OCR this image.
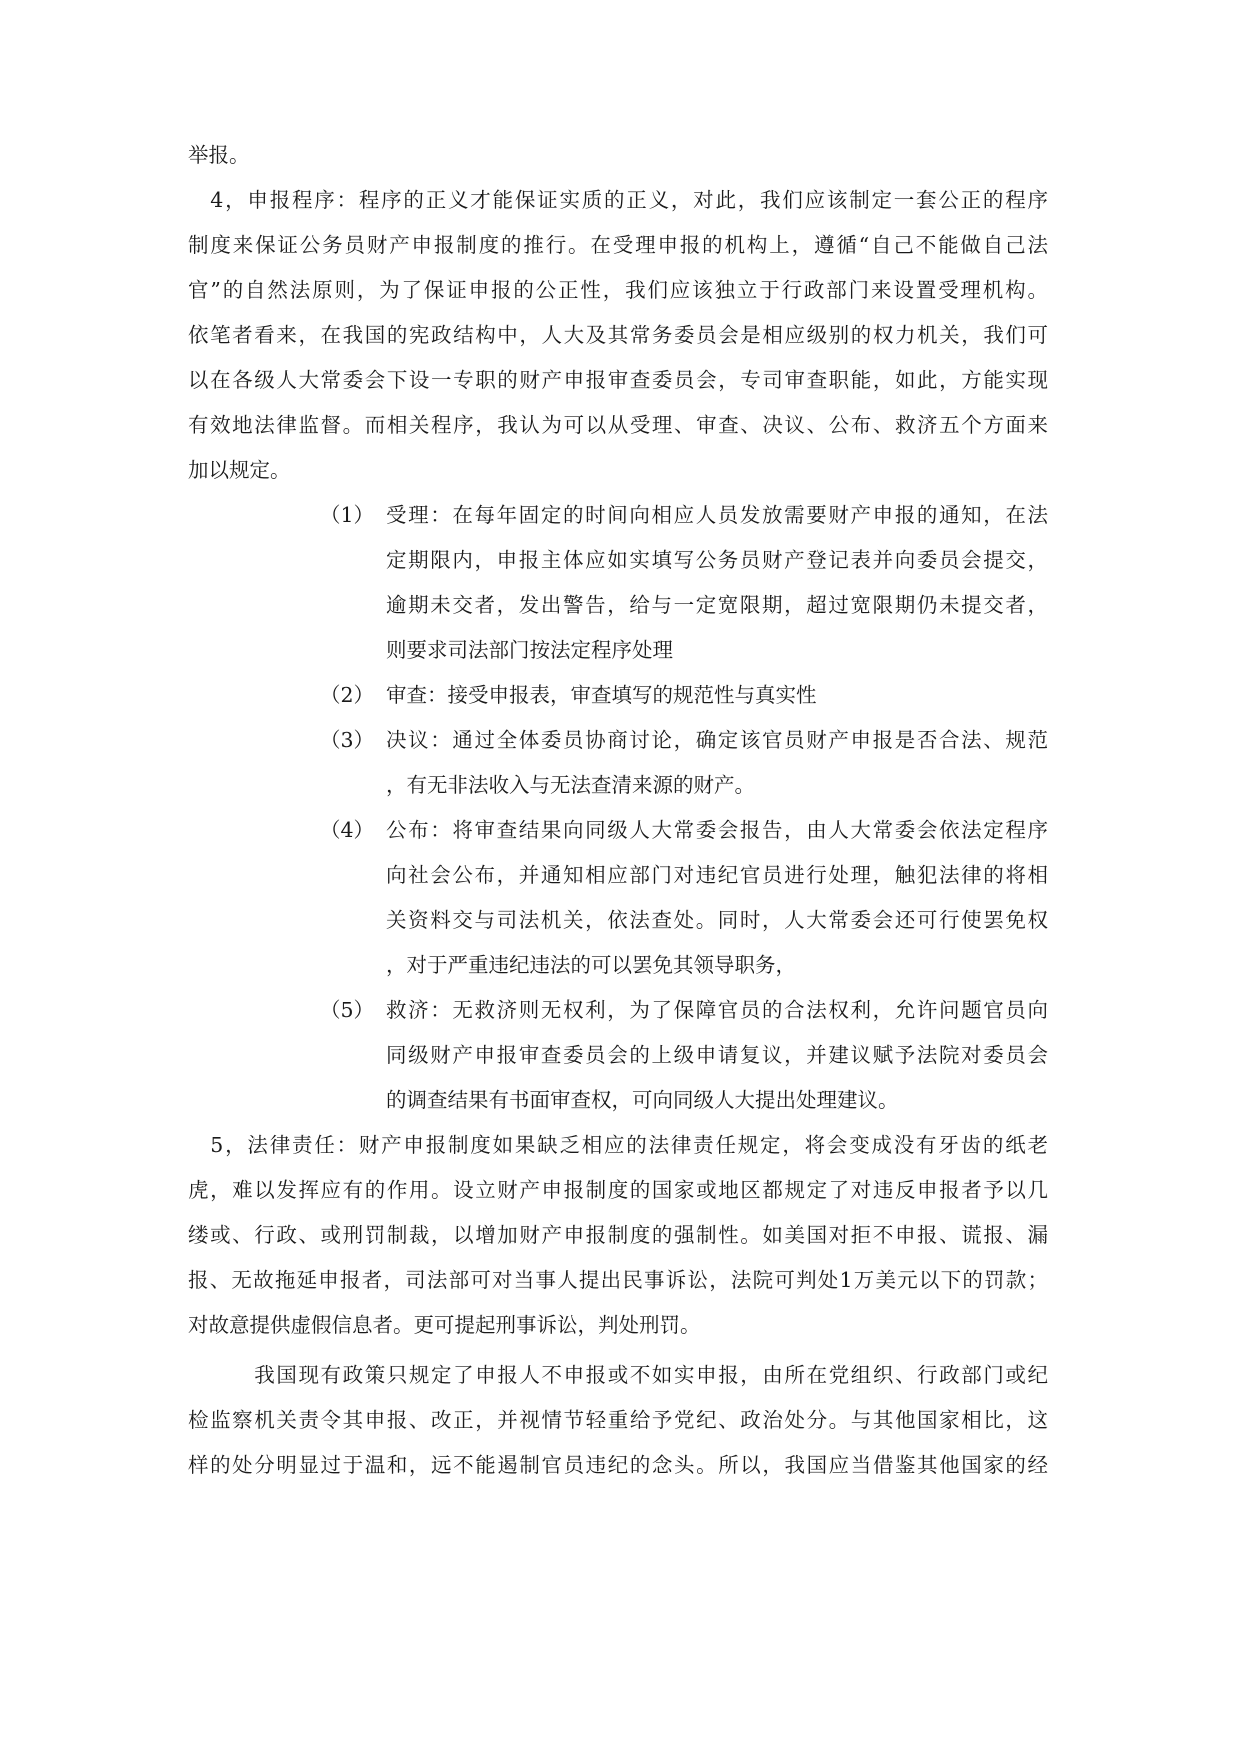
举报。
　4，申报程序：程序的正义才能保证实质的正义，对此，我们应该制定一套公正的程序
制度来保证公务员财产申报制度的推行。在受理申报的机构上，遵循“自己不能做自己法
官”的自然法原则，为了保证申报的公正性，我们应该独立于行政部门来设置受理机构。
依笔者看来，在我国的宪政结构中，人大及其常务委员会是相应级别的权力机关，我们可
以在各级人大常委会下设一专职的财产申报审查委员会，专司审查职能，如此，方能实现
有效地法律监督。而相关程序，我认为可以从受理、审查、决议、公布、救济五个方面来
加以规定。
（1） 受理：在每年固定的时间向相应人员发放需要财产申报的通知，在法
定期限内，申报主体应如实填写公务员财产登记表并向委员会提交，
逾期未交者，发出警告，给与一定宽限期，超过宽限期仍未提交者，
则要求司法部门按法定程序处理
（2） 审查：接受申报表，审查填写的规范性与真实性
（3） 决议：通过全体委员协商讨论，确定该官员财产申报是否合法、规范
，有无非法收入与无法查清来源的财产。
（4） 公布：将审查结果向同级人大常委会报告，由人大常委会依法定程序
向社会公布，并通知相应部门对违纪官员进行处理，触犯法律的将相
关资料交与司法机关，依法查处。同时，人大常委会还可行使罢免权
，对于严重违纪违法的可以罢免其领导职务，
（5） 救济：无救济则无权利，为了保障官员的合法权利，允许问题官员向
同级财产申报审查委员会的上级申请复议，并建议赋予法院对委员会
的调查结果有书面审查权，可向同级人大提出处理建议。
　5，法律责任：财产申报制度如果缺乏相应的法律责任规定，将会变成没有牙齿的纸老
虎，难以发挥应有的作用。设立财产申报制度的国家或地区都规定了对违反申报者予以几
缕或、行政、或刑罚制裁，以增加财产申报制度的强制性。如美国对拒不申报、谎报、漏
报、无故拖延申报者，司法部可对当事人提出民事诉讼，法院可判处1万美元以下的罚款；
对故意提供虚假信息者。更可提起刑事诉讼，判处刑罚。
　　　我国现有政策只规定了申报人不申报或不如实申报，由所在党组织、行政部门或纪
检监察机关责令其申报、改正，并视情节轻重给予党纪、政治处分。与其他国家相比，这
样的处分明显过于温和，远不能遏制官员违纪的念头。所以，我国应当借鉴其他国家的经
